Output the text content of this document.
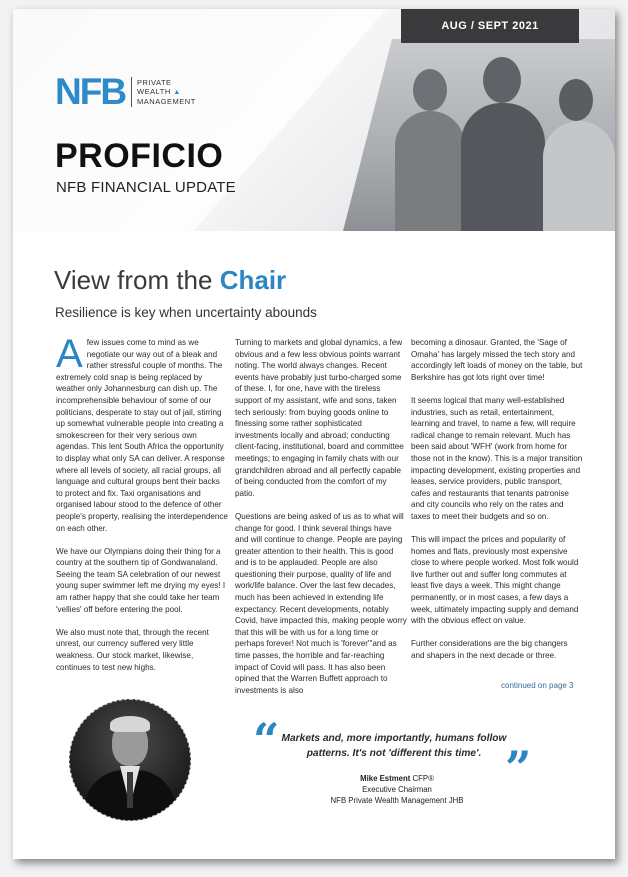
AUG / SEPT 2021
NFB PRIVATE
WEALTH ▲
MANAGEMENT
PROFICIO
NFB FINANCIAL UPDATE
View from the Chair
Resilience is key when uncertainty abounds

Afew issues come to mind as we negotiate our way out of a bleak and rather stressful couple of months. The extremely cold snap is being replaced by weather only Johannesburg can dish up. The incomprehensible behaviour of some of our politicians, desperate to stay out of jail, stirring up somewhat vulnerable people into creating a smokescreen for their very serious own agendas. This lent South Africa the opportunity to display what only SA can deliver. A response where all levels of society, all racial groups, all language and cultural groups bent their backs to protect and fix. Taxi organisations and organised labour stood to the defence of other people's property, realising the interdependence on each other.

We have our Olympians doing their thing for a country at the southern tip of Gondwanaland. Seeing the team SA celebration of our newest young super swimmer left me drying my eyes! I am rather happy that she could take her team 'vellies' off before entering the pool.

We also must note that, through the recent unrest, our currency suffered very little weakness. Our stock market, likewise, continues to test new highs.

Turning to markets and global dynamics, a few obvious and a few less obvious points warrant noting. The world always changes. Recent events have probably just turbo-charged some of these. I, for one, have with the tireless support of my assistant, wife and sons, taken tech seriously: from buying goods online to finessing some rather sophisticated investments locally and abroad; conducting client-facing, institutional, board and committee meetings; to engaging in family chats with our grandchildren abroad and all perfectly capable of being conducted from the comfort of my patio.

Questions are being asked of us as to what will change for good. I think several things have and will continue to change. People are paying greater attention to their health. This is good and is to be applauded. People are also questioning their purpose, quality of life and work/life balance. Over the last few decades, much has been achieved in extending life expectancy. Recent developments, notably Covid, have impacted this, making people worry that this will be with us for a long time or perhaps forever! Not much is 'forever'"and as time passes, the horrible and far-reaching impact of Covid will pass. It has also been opined that the Warren Buffett approach to investments is also

becoming a dinosaur. Granted, the 'Sage of Omaha' has largely missed the tech story and accordingly left loads of money on the table, but Berkshire has got lots right over time!

It seems logical that many well-established industries, such as retail, entertainment, learning and travel, to name a few, will require radical change to remain relevant. Much has been said about 'WFH' (work from home for those not in the know). This is a major transition impacting development, existing properties and leases, service providers, public transport, cafes and restaurants that tenants patronise and city councils who rely on the rates and taxes to meet their budgets and so on.

This will impact the prices and popularity of homes and flats, previously most expensive close to where people worked. Most folk would live further out and suffer long commutes at least five days a week. This might change permanently, or in most cases, a few days a week, ultimately impacting supply and demand with the obvious effect on value.

Further considerations are the big changers and shapers in the next decade or three.

continued on page 3
“ Markets and, more importantly, humans follow patterns. It's not 'different this time'. ”
Mike Estment CFP®
Executive Chairman
NFB Private Wealth Management JHB
